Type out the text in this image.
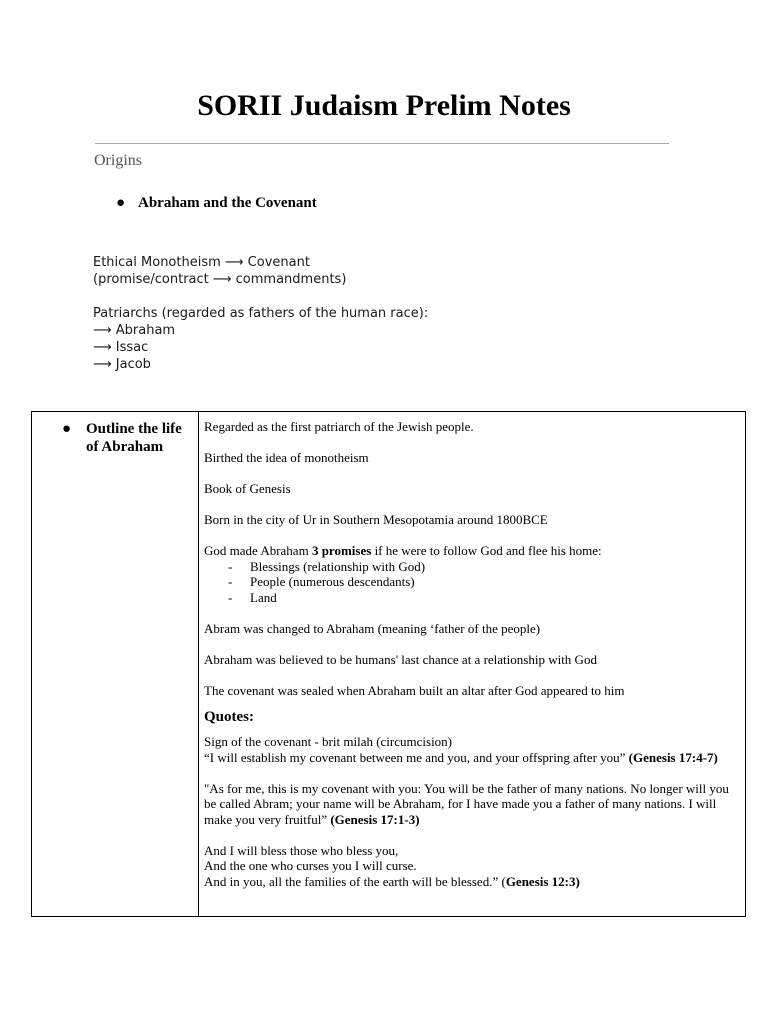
SORII Judaism Prelim Notes
Origins
● Abraham and the Covenant
Ethical Monotheism ⟶ Covenant
(promise/contract ⟶ commandments)
Patriarchs (regarded as fathers of the human race):
⟶ Abraham
⟶ Issac
⟶ Jacob
● Outline the life of Abraham

Regarded as the first patriarch of the Jewish people.

Birthed the idea of monotheism

Book of Genesis

Born in the city of Ur in Southern Mesopotamia around 1800BCE

God made Abraham 3 promises if he were to follow God and flee his home:

- Blessings (relationship with God)
- People (numerous descendants)
- Land

Abram was changed to Abraham (meaning ‘father of the people)

Abraham was believed to be humans' last chance at a relationship with God

The covenant was sealed when Abraham built an altar after God appeared to him

Quotes:

Sign of the covenant - brit milah (circumcision)

“I will establish my covenant between me and you, and your offspring after you” (Genesis 17:4-7)

"As for me, this is my covenant with you: You will be the father of many nations. No longer will you be called Abram; your name will be Abraham, for I have made you a father of many nations. I will make you very fruitful” (Genesis 17:1-3)

And I will bless those who bless you,

And the one who curses you I will curse.

And in you, all the families of the earth will be blessed.” (Genesis 12:3)
